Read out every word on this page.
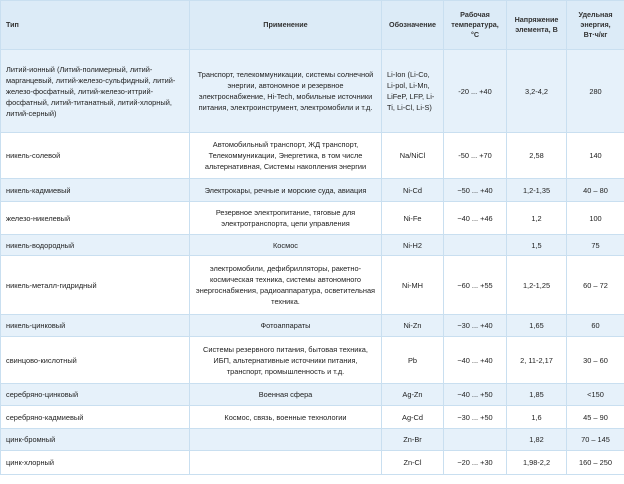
Тип	Применение	Обозначение	Рабочая температура, °С	Напряжение элемента, В	Удельная энергия, Вт·ч/кг
Литий-ионный (Литий-полимерный, литий-марганцевый, литий-железо-сульфидный, литий-железо-фосфатный, литий-железо-иттрий-фосфатный, литий-титанатный, литий-хлорный, литий-серный)	Транспорт, телекоммуникации, системы солнечной энергии, автономное и резервное электроснабжение, Hi-Tech, мобильные источники питания, электроинструмент, электромобили и т.д.	Li-Ion (Li-Co, Li-pol, Li-Mn, LiFeP, LFP, Li-Ti, Li-Cl, Li-S)	-20 ... +40	3,2-4,2	280
никель-солевой	Автомобильный транспорт, ЖД транспорт, Телекоммуникации, Энергетика, в том числе альтернативная, Системы накопления энергии	Na/NiCl	-50 ... +70	2,58	140
никель-кадмиевый	Электрокары, речные и морские суда, авиация	Ni-Cd	−50 ... +40	1,2-1,35	40 – 80
железо-никелевый	Резервное электропитание, тяговые для электротранспорта, цепи управления	Ni-Fe	−40 ... +46	1,2	100
никель-водородный	Космос	Ni-H2		1,5	75
никель-металл-гидридный	электромобили, дефибрилляторы, ракетно-космическая техника, системы автономного энергоснабжения, радиоаппаратура, осветительная техника.	Ni-MH	−60 ... +55	1,2-1,25	60 – 72
никель-цинковый	Фотоаппараты	Ni-Zn	−30 ... +40	1,65	60
свинцово-кислотный	Системы резервного питания, бытовая техника, ИБП, альтернативные источники питания, транспорт, промышленность и т.д.	Pb	−40 ... +40	2, 11-2,17	30 – 60
серебряно-цинковый	Военная сфера	Ag-Zn	−40 ... +50	1,85	<150
серебряно-кадмиевый	Космос, связь, военные технологии	Ag-Cd	−30 ... +50	1,6	45 – 90
цинк-бромный		Zn-Br		1,82	70 – 145
цинк-хлорный		Zn-Cl	−20 ... +30	1,98-2,2	160 – 250
